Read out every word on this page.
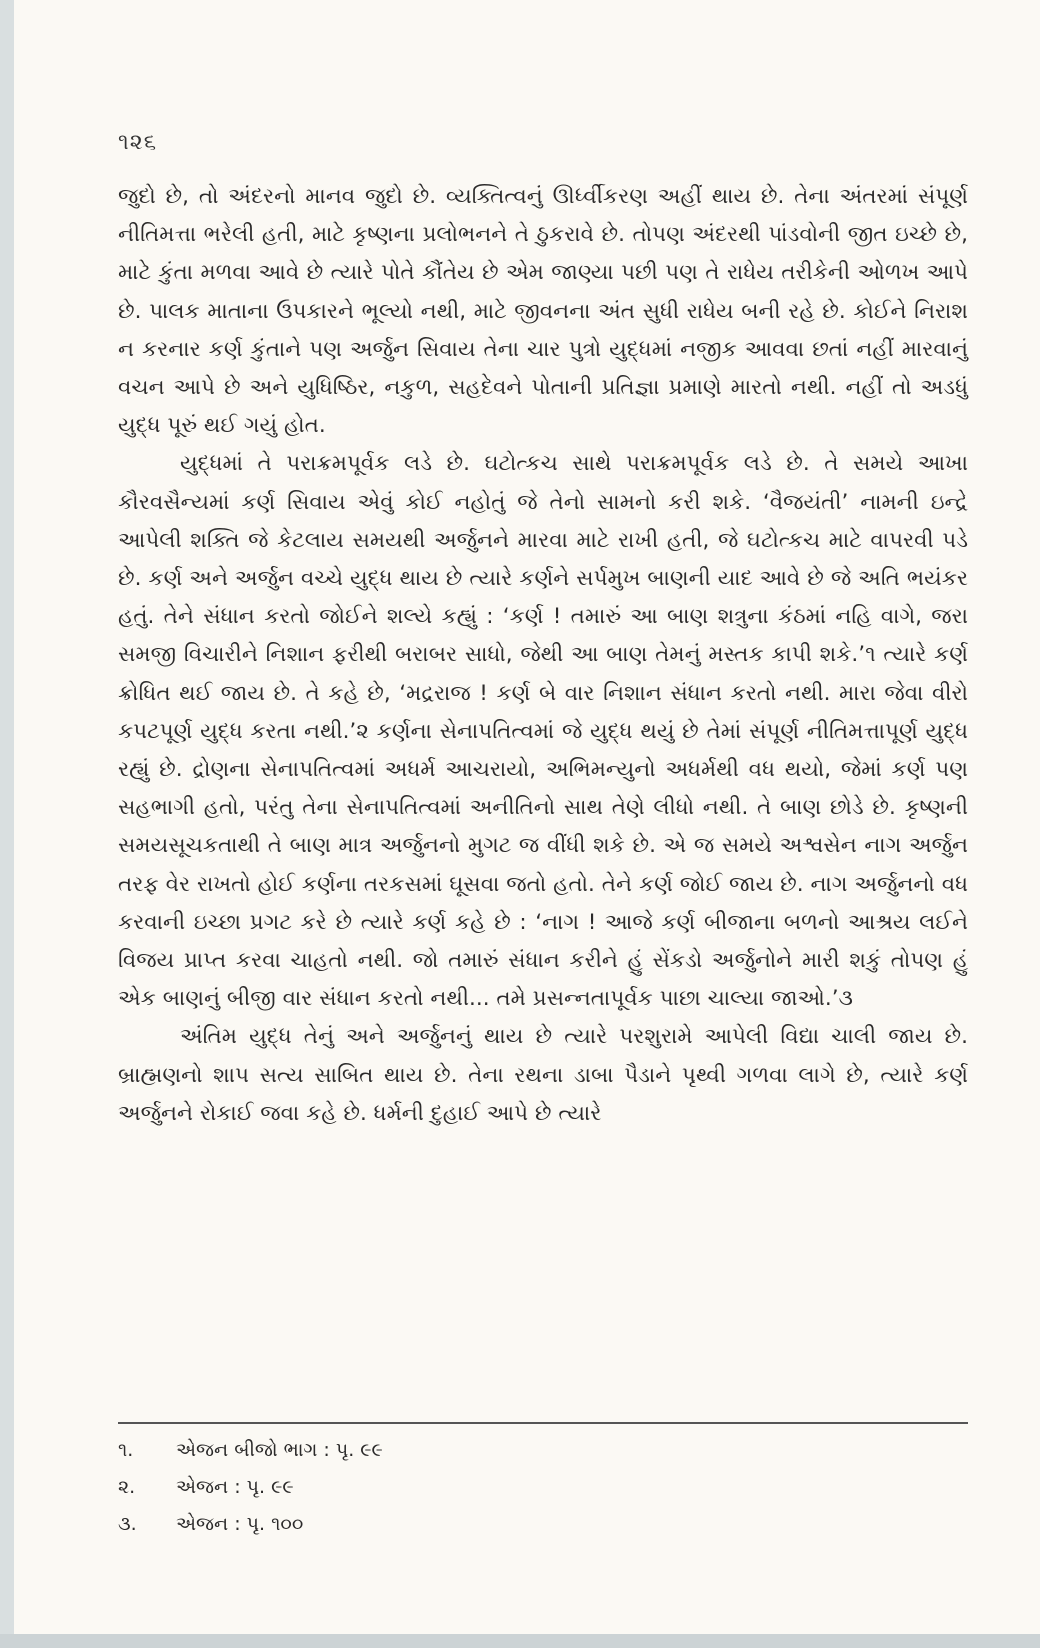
૧૨૬

જુદો છે, તો અંદરનો માનવ જુદો છે. વ્યક્તિત્વનું ઊર્ધ્વીકરણ અહીં થાય છે. તેના અંતરમાં સંપૂર્ણ નીતિમત્તા ભરેલી હતી, માટે કૃષ્ણના પ્રલોભનને તે ઠુકરાવે છે. તોપણ અંદરથી પાંડવોની જીત ઇચ્છે છે, માટે કુંતા મળવા આવે છે ત્યારે પોતે કૌંતેય છે એમ જાણ્યા પછી પણ તે રાધેય તરીકેની ઓળખ આપે છે. પાલક માતાના ઉપકારને ભૂલ્યો નથી, માટે જીવનના અંત સુધી રાધેય બની રહે છે. કોઈને નિરાશ ન કરનાર કર્ણ કુંતાને પણ અર્જુન સિવાય તેના ચાર પુત્રો યુદ્ધમાં નજીક આવવા છતાં નહીં મારવાનું વચન આપે છે અને યુધિષ્ઠિર, નકુળ, સહદેવને પોતાની પ્રતિજ્ઞા પ્રમાણે મારતો નથી. નહીં તો અડધું યુદ્ધ પૂરું થઈ ગયું હોત.

યુદ્ધમાં તે પરાક્રમપૂર્વક લડે છે. ઘટોત્કચ સાથે પરાક્રમપૂર્વક લડે છે. તે સમયે આખા કૌરવસૈન્યમાં કર્ણ સિવાય એવું કોઈ નહોતું જે તેનો સામનો કરી શકે. ‘વૈજયંતી’ નામની ઇન્દ્રે આપેલી શક્તિ જે કેટલાય સમયથી અર્જુનને મારવા માટે રાખી હતી, જે ઘટોત્કચ માટે વાપરવી પડે છે. કર્ણ અને અર્જુન વચ્ચે યુદ્ધ થાય છે ત્યારે કર્ણને સર્પમુખ બાણની યાદ આવે છે જે અતિ ભયંકર હતું. તેને સંધાન કરતો જોઈને શલ્યે કહ્યું : ‘કર્ણ ! તમારું આ બાણ શત્રુના કંઠમાં નહિ વાગે, જરા સમજી વિચારીને નિશાન ફરીથી બરાબર સાધો, જેથી આ બાણ તેમનું મસ્તક કાપી શકે.’૧ ત્યારે કર્ણ ક્રોધિત થઈ જાય છે. તે કહે છે, ‘મદ્રરાજ ! કર્ણ બે વાર નિશાન સંધાન કરતો નથી. મારા જેવા વીરો કપટપૂર્ણ યુદ્ધ કરતા નથી.’૨ કર્ણના સેનાપતિત્વમાં જે યુદ્ધ થયું છે તેમાં સંપૂર્ણ નીતિમત્તાપૂર્ણ યુદ્ધ રહ્યું છે. દ્રોણના સેનાપતિત્વમાં અધર્મ આચરાયો, અભિમન્યુનો અધર્મથી વધ થયો, જેમાં કર્ણ પણ સહભાગી હતો, પરંતુ તેના સેનાપતિત્વમાં અનીતિનો સાથ તેણે લીધો નથી. તે બાણ છોડે છે. કૃષ્ણની સમયસૂચકતાથી તે બાણ માત્ર અર્જુનનો મુગટ જ વીંધી શકે છે. એ જ સમયે અશ્વસેન નાગ અર્જુન તરફ વેર રાખતો હોઈ કર્ણના તરકસમાં ઘૂસવા જતો હતો. તેને કર્ણ જોઈ જાય છે. નાગ અર્જુનનો વધ કરવાની ઇચ્છા પ્રગટ કરે છે ત્યારે કર્ણ કહે છે : ‘નાગ ! આજે કર્ણ બીજાના બળનો આશ્રય લઈને વિજય પ્રાપ્ત કરવા ચાહતો નથી. જો તમારું સંધાન કરીને હું સેંકડો અર્જુનોને મારી શકું તોપણ હું એક બાણનું બીજી વાર સંધાન કરતો નથી... તમે પ્રસન્નતાપૂર્વક પાછા ચાલ્યા જાઓ.’૩

અંતિમ યુદ્ધ તેનું અને અર્જુનનું થાય છે ત્યારે પરશુરામે આપેલી વિદ્યા ચાલી જાય છે. બ્રાહ્મણનો શાપ સત્ય સાબિત થાય છે. તેના રથના ડાબા પૈડાને પૃથ્વી ગળવા લાગે છે, ત્યારે કર્ણ અર્જુનને રોકાઈ જવા કહે છે. ધર્મની દુહાઈ આપે છે ત્યારે

૧.	એજન બીજો ભાગ : પૃ. ૯૯
૨.	એજન : પૃ. ૯૯
૩.	એજન : પૃ. ૧૦૦
